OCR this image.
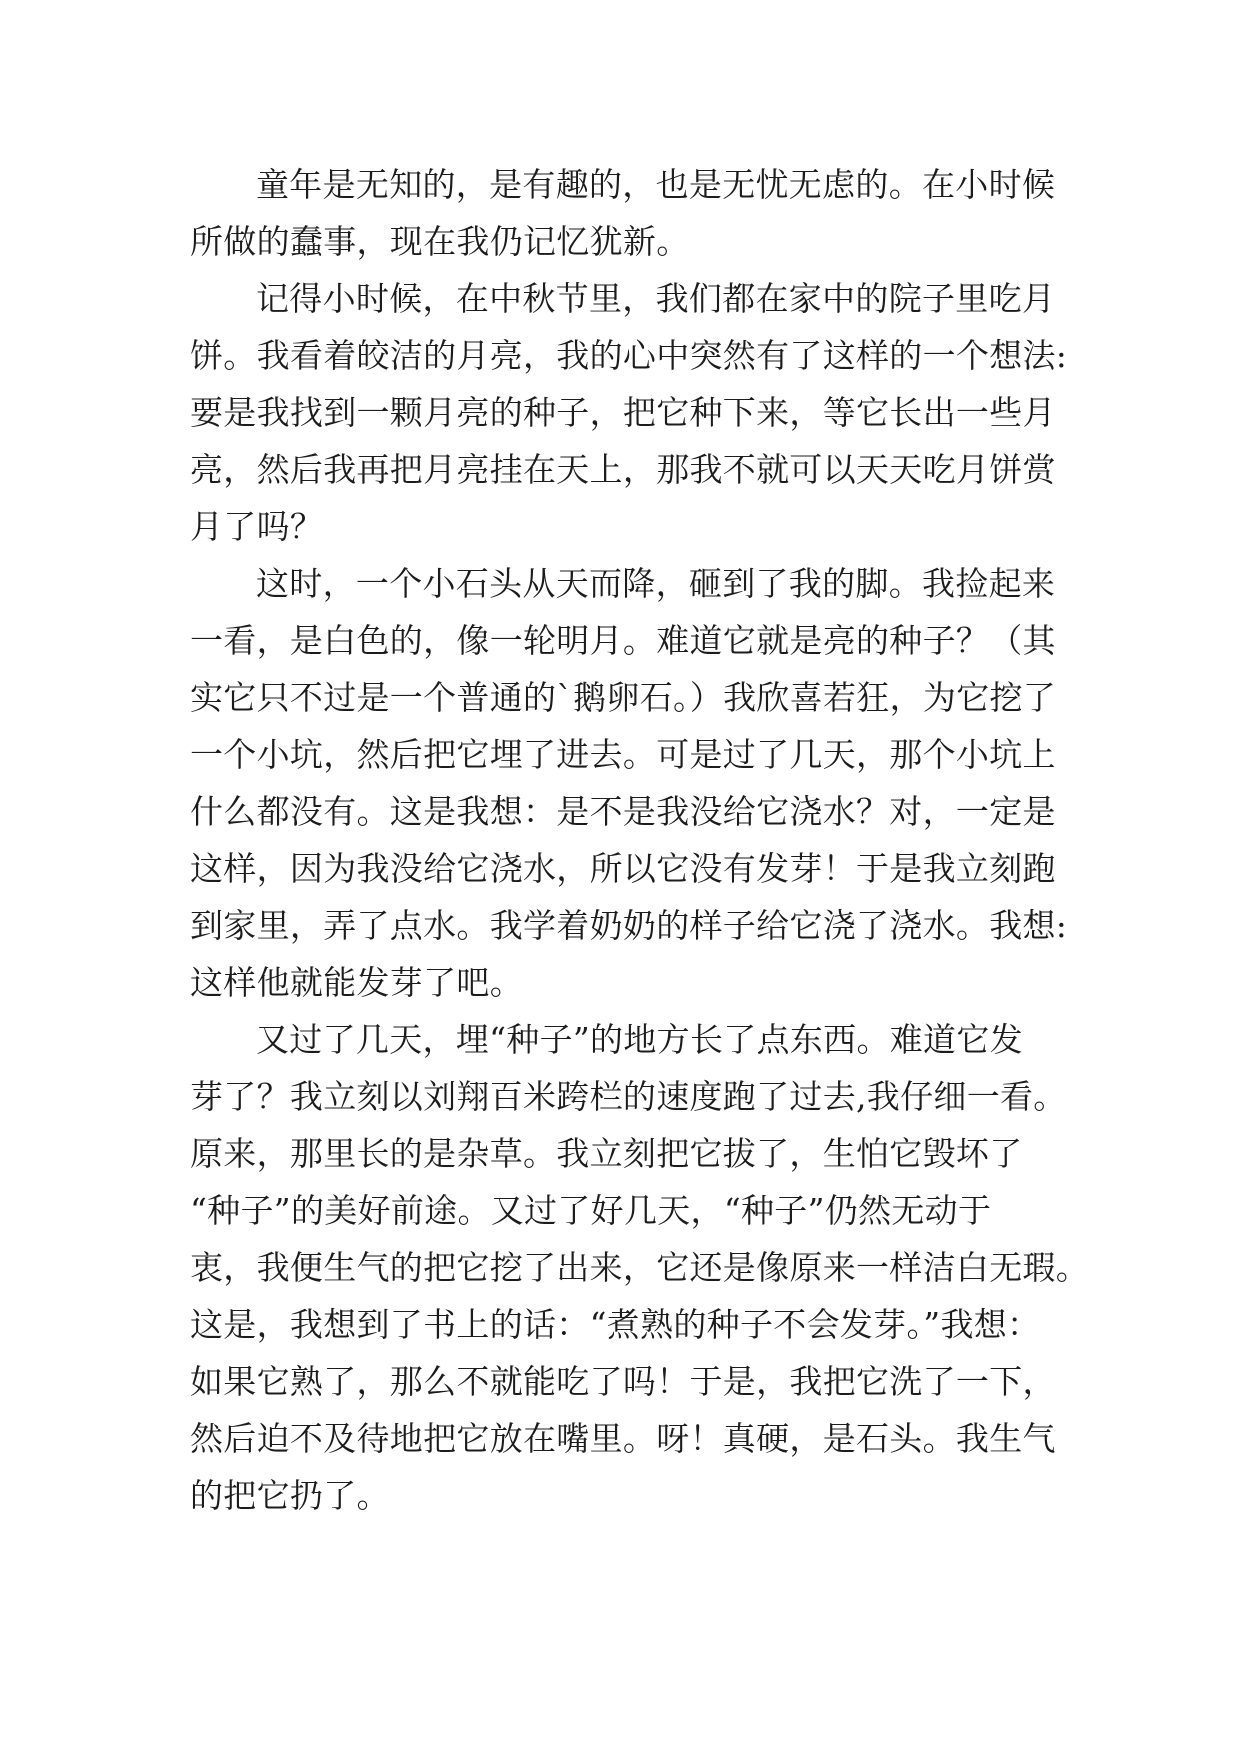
童年是无知的，是有趣的，也是无忧无虑的。在小时候
所做的蠢事，现在我仍记忆犹新。
记得小时候，在中秋节里，我们都在家中的院子里吃月
饼。我看着皎洁的月亮，我的心中突然有了这样的一个想法:
要是我找到一颗月亮的种子，把它种下来，等它长出一些月
亮，然后我再把月亮挂在天上，那我不就可以天天吃月饼赏
月了吗？
这时，一个小石头从天而降，砸到了我的脚。我捡起来
一看，是白色的，像一轮明月。难道它就是亮的种子？（其
实它只不过是一个普通的`鹅卵石。）我欣喜若狂，为它挖了
一个小坑，然后把它埋了进去。可是过了几天，那个小坑上
什么都没有。这是我想：是不是我没给它浇水？对，一定是
这样，因为我没给它浇水，所以它没有发芽！于是我立刻跑
到家里，弄了点水。我学着奶奶的样子给它浇了浇水。我想:
这样他就能发芽了吧。
又过了几天，埋“种子”的地方长了点东西。难道它发
芽了？我立刻以刘翔百米跨栏的速度跑了过去,我仔细一看。
原来，那里长的是杂草。我立刻把它拔了，生怕它毁坏了
“种子”的美好前途。又过了好几天，“种子”仍然无动于
衷，我便生气的把它挖了出来，它还是像原来一样洁白无瑕。
这是，我想到了书上的话：“煮熟的种子不会发芽。”我想：
如果它熟了，那么不就能吃了吗！于是，我把它洗了一下，
然后迫不及待地把它放在嘴里。呀！真硬，是石头。我生气
的把它扔了。
